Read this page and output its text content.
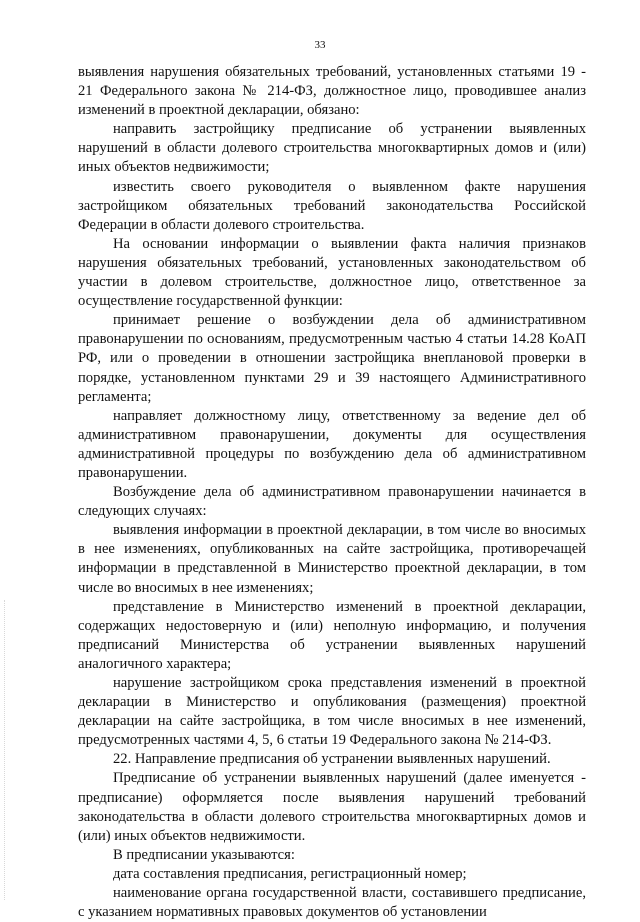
33

выявления нарушения обязательных требований, установленных статьями 19 - 21 Федерального закона № 214-ФЗ, должностное лицо, проводившее анализ изменений в проектной декларации, обязано:

направить застройщику предписание об устранении выявленных нарушений в области долевого строительства многоквартирных домов и (или) иных объектов недвижимости;

известить своего руководителя о выявленном факте нарушения застройщиком обязательных требований законодательства Российской Федерации в области долевого строительства.

На основании информации о выявлении факта наличия признаков нарушения обязательных требований, установленных законодательством об участии в долевом строительстве, должностное лицо, ответственное за осуществление государственной функции:

принимает решение о возбуждении дела об административном правонарушении по основаниям, предусмотренным частью 4 статьи 14.28 КоАП РФ, или о проведении в отношении застройщика внеплановой проверки в порядке, установленном пунктами 29 и 39 настоящего Административного регламента;

направляет должностному лицу, ответственному за ведение дел об административном правонарушении, документы для осуществления административной процедуры по возбуждению дела об административном правонарушении.

Возбуждение дела об административном правонарушении начинается в следующих случаях:

выявления информации в проектной декларации, в том числе во вносимых в нее изменениях, опубликованных на сайте застройщика, противоречащей информации в представленной в Министерство проектной декларации, в том числе во вносимых в нее изменениях;

представление в Министерство изменений в проектной декларации, содержащих недостоверную и (или) неполную информацию, и получения предписаний Министерства об устранении выявленных нарушений аналогичного характера;

нарушение застройщиком срока представления изменений в проектной декларации в Министерство и опубликования (размещения) проектной декларации на сайте застройщика, в том числе вносимых в нее изменений, предусмотренных частями 4, 5, 6 статьи 19 Федерального закона № 214-ФЗ.

22. Направление предписания об устранении выявленных нарушений.

Предписание об устранении выявленных нарушений (далее именуется - предписание) оформляется после выявления нарушений требований законодательства в области долевого строительства многоквартирных домов и (или) иных объектов недвижимости.

В предписании указываются:

дата составления предписания, регистрационный номер;

наименование органа государственной власти, составившего предписание, с указанием нормативных правовых документов об установлении
